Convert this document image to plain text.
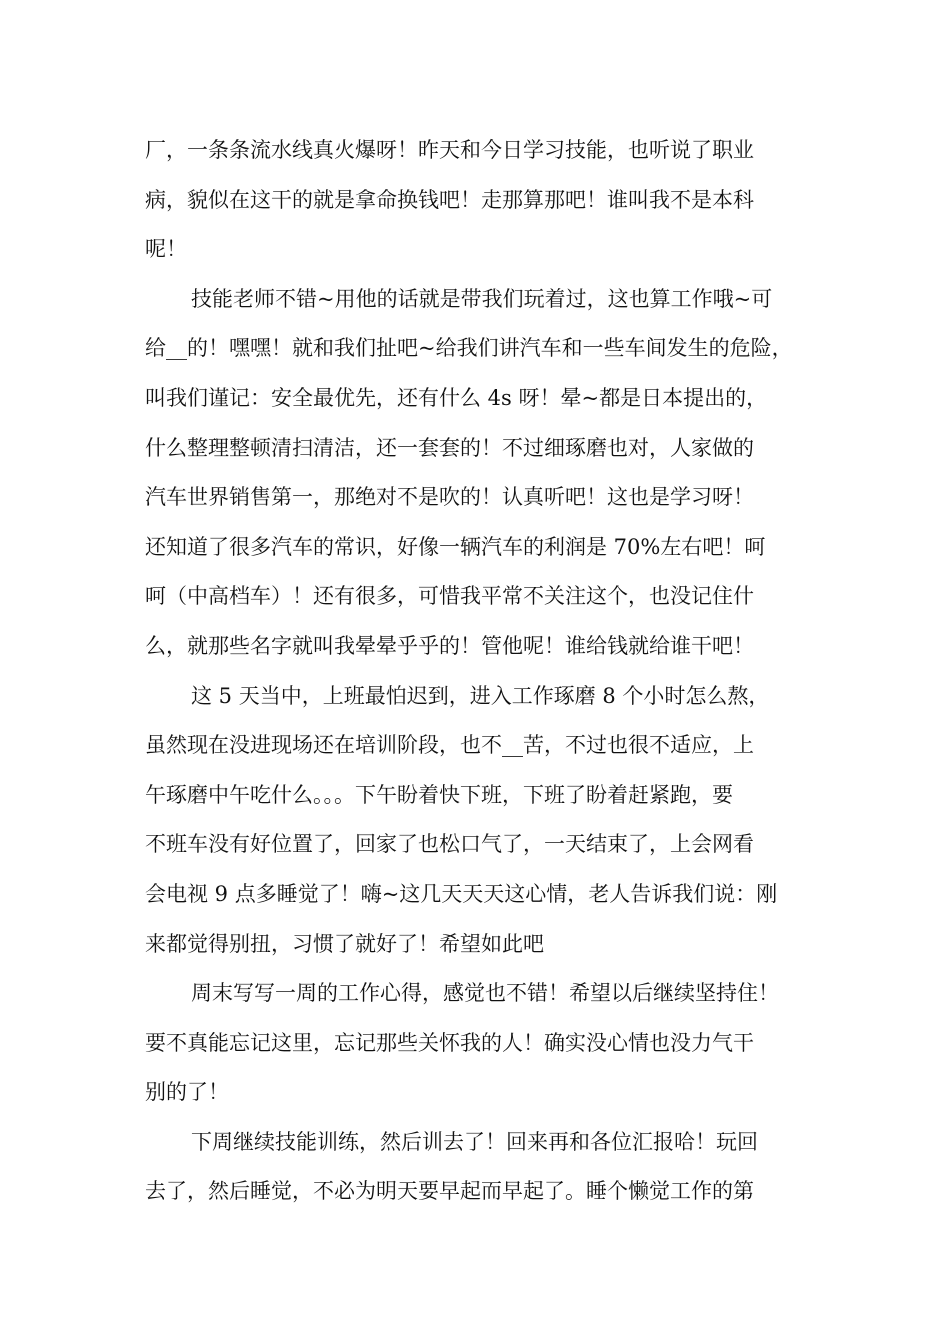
厂，一条条流水线真火爆呀！昨天和今日学习技能，也听说了职业
病，貌似在这干的就是拿命换钱吧！走那算那吧！谁叫我不是本科
呢！
技能老师不错~用他的话就是带我们玩着过，这也算工作哦~可
给__的！嘿嘿！就和我们扯吧~给我们讲汽车和一些车间发生的危险，
叫我们谨记：安全最优先，还有什么 4s 呀！晕~都是日本提出的，
什么整理整顿清扫清洁，还一套套的！不过细琢磨也对，人家做的
汽车世界销售第一，那绝对不是吹的！认真听吧！这也是学习呀！
还知道了很多汽车的常识，好像一辆汽车的利润是 70%左右吧！呵
呵（中高档车）！还有很多，可惜我平常不关注这个，也没记住什
么，就那些名字就叫我晕晕乎乎的！管他呢！谁给钱就给谁干吧！
这 5 天当中，上班最怕迟到，进入工作琢磨 8 个小时怎么熬，
虽然现在没进现场还在培训阶段，也不__苦，不过也很不适应，上
午琢磨中午吃什么。。。下午盼着快下班，下班了盼着赶紧跑，要
不班车没有好位置了，回家了也松口气了，一天结束了，上会网看
会电视 9 点多睡觉了！嗨~这几天天天这心情，老人告诉我们说：刚
来都觉得别扭，习惯了就好了！希望如此吧
周末写写一周的工作心得，感觉也不错！希望以后继续坚持住！
要不真能忘记这里，忘记那些关怀我的人！确实没心情也没力气干
别的了！
下周继续技能训练，然后训去了！回来再和各位汇报哈！玩回
去了，然后睡觉，不必为明天要早起而早起了。睡个懒觉工作的第
